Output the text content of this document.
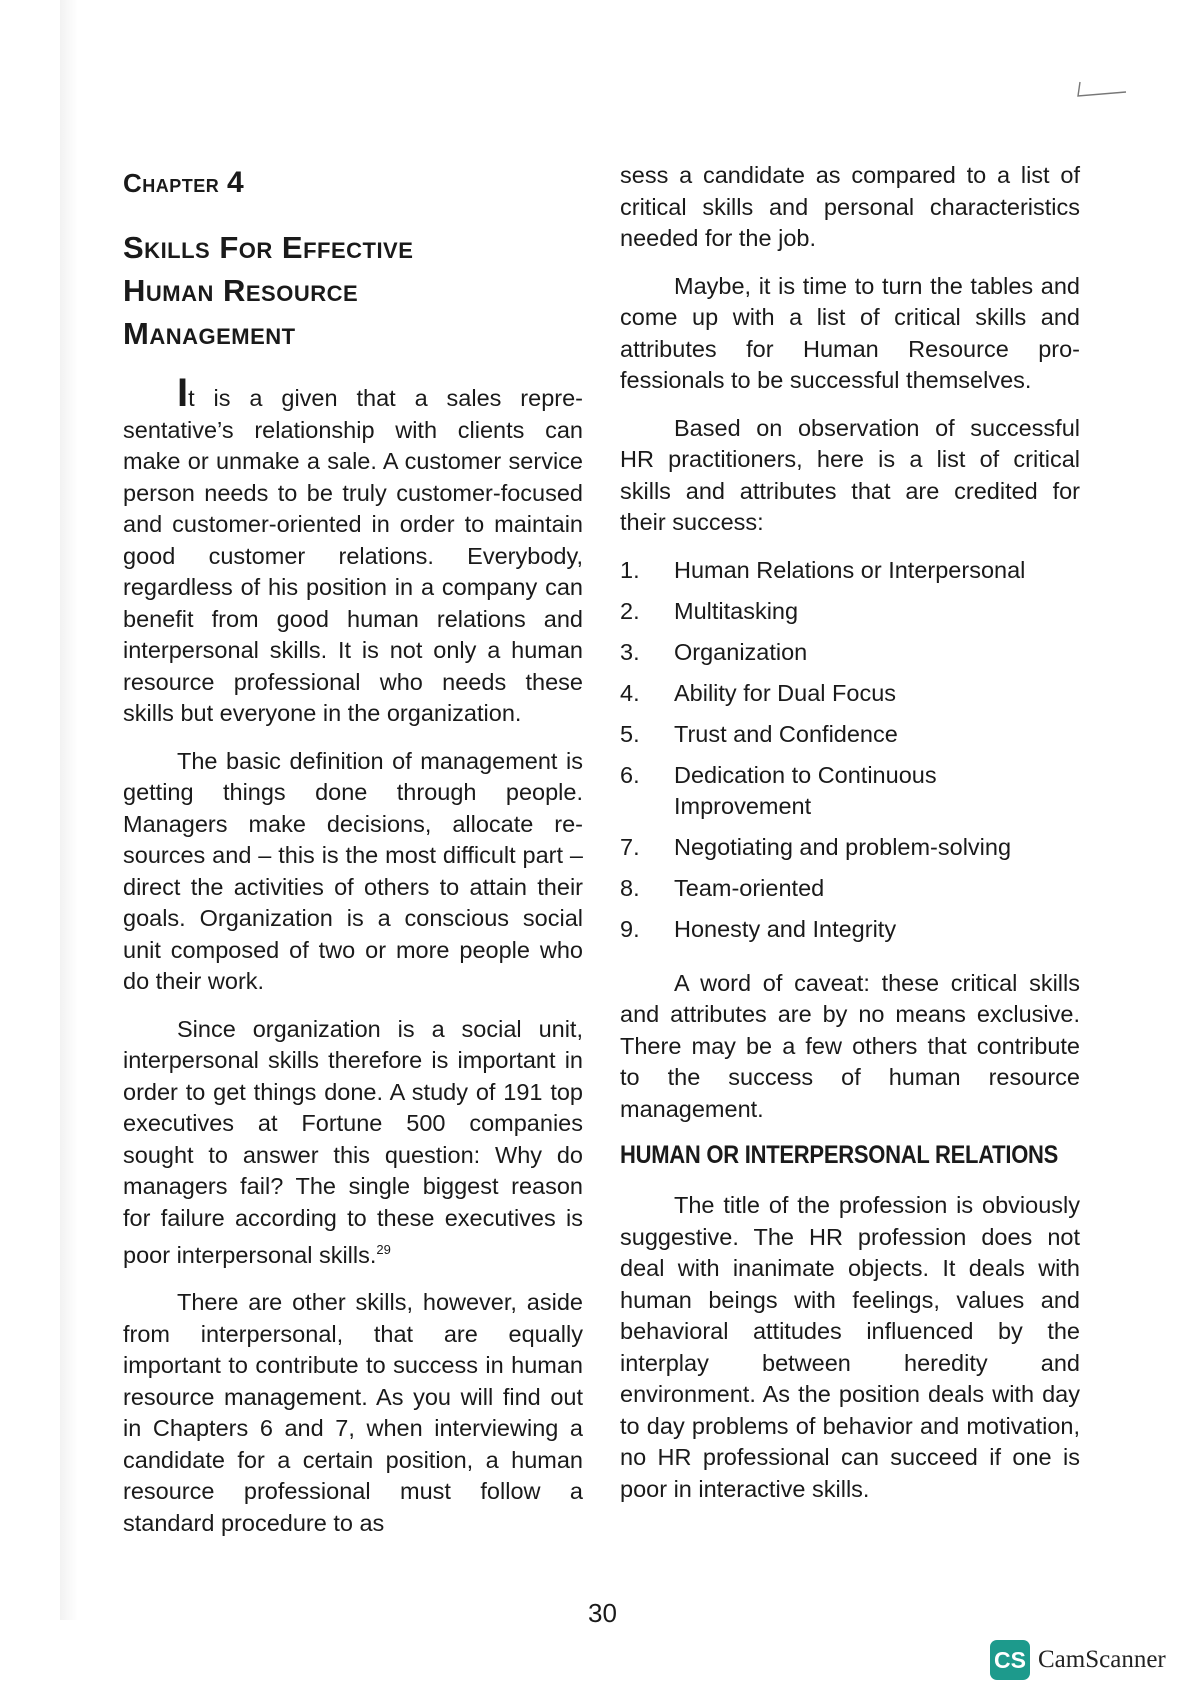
Chapter 4
Skills For Effective
Human Resource
Management

It is a given that a sales representative’s relationship with clients can make or unmake a sale. A customer service person needs to be truly customer-focused and customer-oriented in order to maintain good customer relations. Everybody, regardless of his position in a company can benefit from good human relations and interpersonal skills. It is not only a human resource professional who needs these skills but everyone in the organization.

The basic definition of management is getting things done through people. Managers make decisions, allocate resources and – this is the most difficult part – direct the activities of others to attain their goals. Organization is a conscious social unit composed of two or more people who do their work.

Since organization is a social unit, interpersonal skills therefore is important in order to get things done. A study of 191 top executives at Fortune 500 companies sought to answer this question: Why do managers fail? The single biggest reason for failure according to these executives is poor interpersonal skills.$^{29}$

There are other skills, however, aside from interpersonal, that are equally important to contribute to success in human resource management. As you will find out in Chapters 6 and 7, when interviewing a candidate for a certain position, a human resource professional must follow a standard procedure to as

sess a candidate as compared to a list of critical skills and personal characteristics needed for the job.

Maybe, it is time to turn the tables and come up with a list of critical skills and attributes for Human Resource professionals to be successful themselves.

Based on observation of successful HR practitioners, here is a list of critical skills and attributes that are credited for their success:

1.	Human Relations or Interpersonal
2.	Multitasking
3.	Organization
4.	Ability for Dual Focus
5.	Trust and Confidence
6.	Dedication to Continuous Improvement
7.	Negotiating and problem-solving
8.	Team-oriented
9.	Honesty and Integrity

A word of caveat: these critical skills and attributes are by no means exclusive. There may be a few others that contribute to the success of human resource management.

HUMAN OR INTERPERSONAL RELATIONS

The title of the profession is obviously suggestive. The HR profession does not deal with inanimate objects. It deals with human beings with feelings, values and behavioral attitudes influenced by the interplay between heredity and environment. As the position deals with day to day problems of behavior and motivation, no HR professional can succeed if one is poor in interactive skills.

30
CS CamScanner
